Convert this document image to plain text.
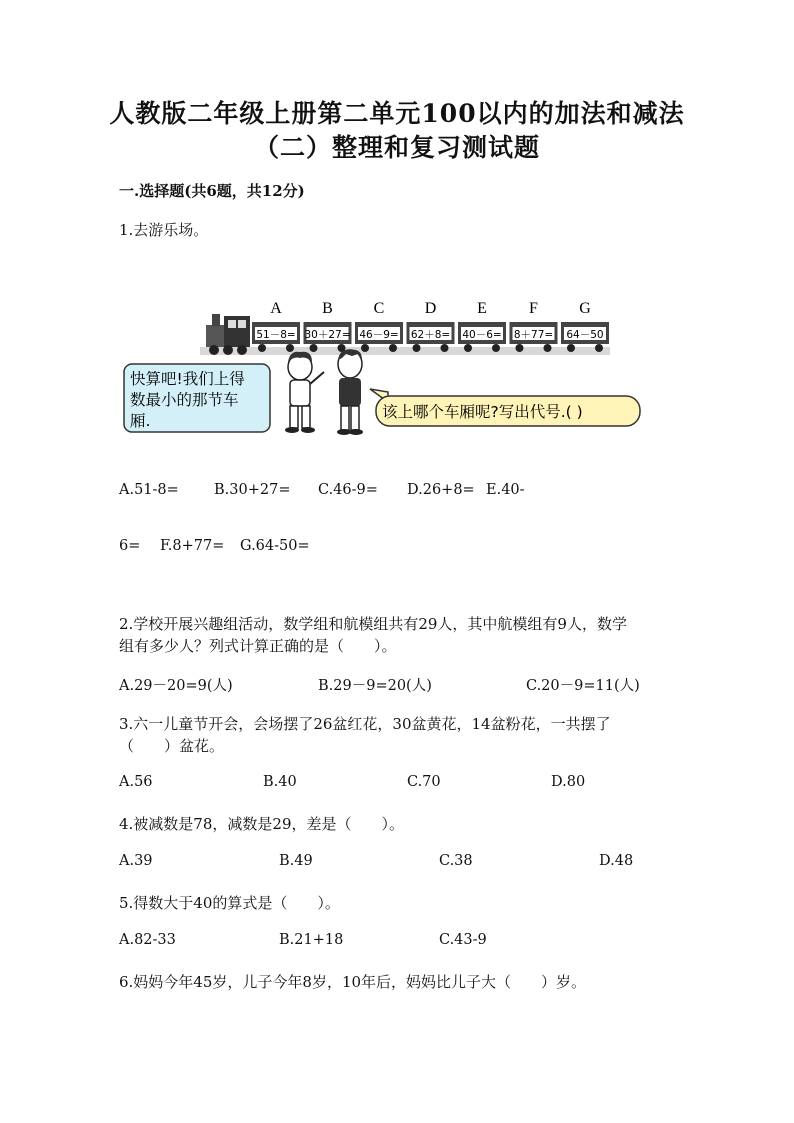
人教版二年级上册第二单元100以内的加法和减法
（二）整理和复习测试题
一.选择题(共6题，共12分)
1.去游乐场。
A
51－8=
B
30＋27=
C
46－9=
D
62＋8=
E
40－6=
F
8＋77=
G
64－50
快算吧!我们上得
数最小的那节车
厢.	该上哪个车厢呢?写出代号.( )
A.51-8= B.30+27= C.46-9= D.26+8= E.40-
6= F.8+77= G.64-50=
2.学校开展兴趣组活动，数学组和航模组共有29人，其中航模组有9人，数学
组有多少人？列式计算正确的是（　　）。
A.29－20=9(人)	B.29－9=20(人)	C.20－9=11(人)
3.六一儿童节开会，会场摆了26盆红花，30盆黄花，14盆粉花，一共摆了
（　　）盆花。
A.56	B.40	C.70	D.80
4.被减数是78，减数是29，差是（　　）。
A.39	B.49	C.38	D.48
5.得数大于40的算式是（　　）。
A.82-33	B.21+18	C.43-9
6.妈妈今年45岁，儿子今年8岁，10年后，妈妈比儿子大（　　）岁。
